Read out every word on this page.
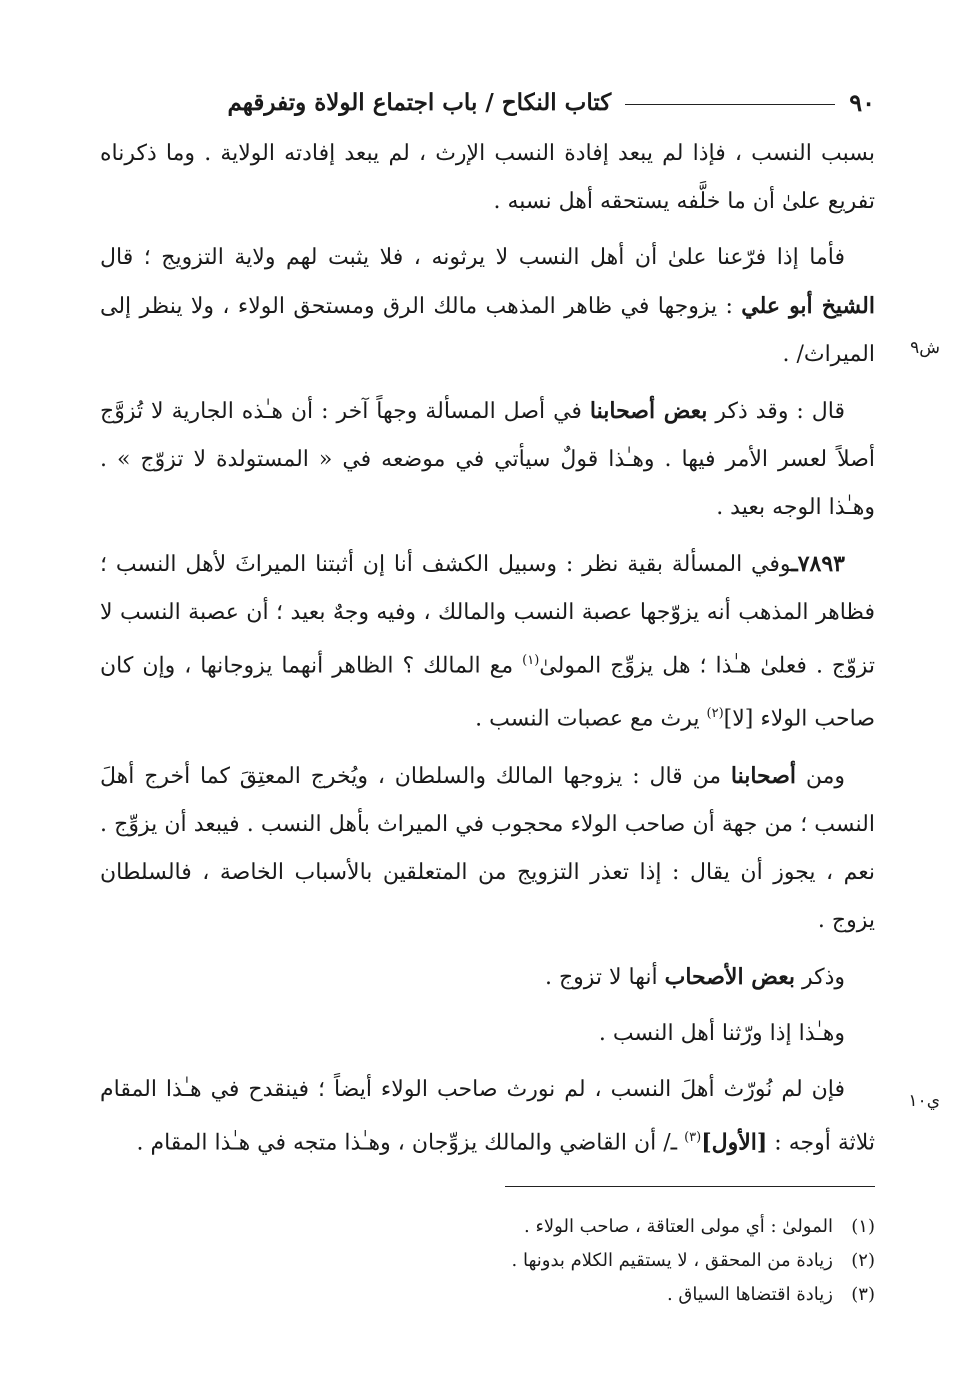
٩٠
كتاب النكاح / باب اجتماع الولاة وتفرقهم
ش٩
ي١٠

بسبب النسب ، فإذا لم يبعد إفادة النسب الإرث ، لم يبعد إفادته الولاية . وما ذكرناه تفريع علىٰ أن ما خلَّفه يستحقه أهل نسبه .

فأما إذا فرّعنا علىٰ أن أهل النسب لا يرثونه ، فلا يثبت لهم ولاية التزويج ؛ قال الشيخ أبو علي : يزوجها في ظاهر المذهب مالك الرق ومستحق الولاء ، ولا ينظر إلى الميراث/ .

قال : وقد ذكر بعض أصحابنا في أصل المسألة وجهاً آخر : أن هـٰذه الجارية لا تُزوَّج أصلاً لعسر الأمر فيها . وهـٰذا قولٌ سيأتي في موضعه في « المستولدة لا تزوّج » . وهـٰذا الوجه بعيد .

٧٨٩٣ـوفي المسألة بقية نظر : وسبيل الكشف أنا إن أثبتنا الميراثَ لأهل النسب ؛ فظاهر المذهب أنه يزوّجها عصبة النسب والمالك ، وفيه وجهٌ بعيد ؛ أن عصبة النسب لا تزوّج . فعلىٰ هـٰذا ؛ هل يزوِّج المولىٰ$^{(١)}$ مع المالك ؟ الظاهر أنهما يزوجانها ، وإن كان صاحب الولاء [لا]$^{(٢)}$ يرث مع عصبات النسب .

ومن أصحابنا من قال : يزوجها المالك والسلطان ، ويُخرج المعتِقَ كما أخرج أهلَ النسب ؛ من جهة أن صاحب الولاء محجوب في الميراث بأهل النسب . فيبعد أن يزوِّج . نعم ، يجوز أن يقال : إذا تعذر التزويج من المتعلقين بالأسباب الخاصة ، فالسلطان يزوج .

وذكر بعض الأصحاب أنها لا تزوج .

وهـٰذا إذا ورّثنا أهل النسب .

فإن لم نُورّث أهلَ النسب ، لم نورث صاحب الولاء أيضاً ؛ فينقدح في هـٰذا المقام ثلاثة أوجه : [الأول]$^{(٣)}$ ـ/ أن القاضي والمالك يزوِّجان ، وهـٰذا متجه في هـٰذا المقام .

(١)المولىٰ : أي مولى العتاقة ، صاحب الولاء .

(٢)زيادة من المحقق ، لا يستقيم الكلام بدونها .

(٣)زيادة اقتضاها السياق .
